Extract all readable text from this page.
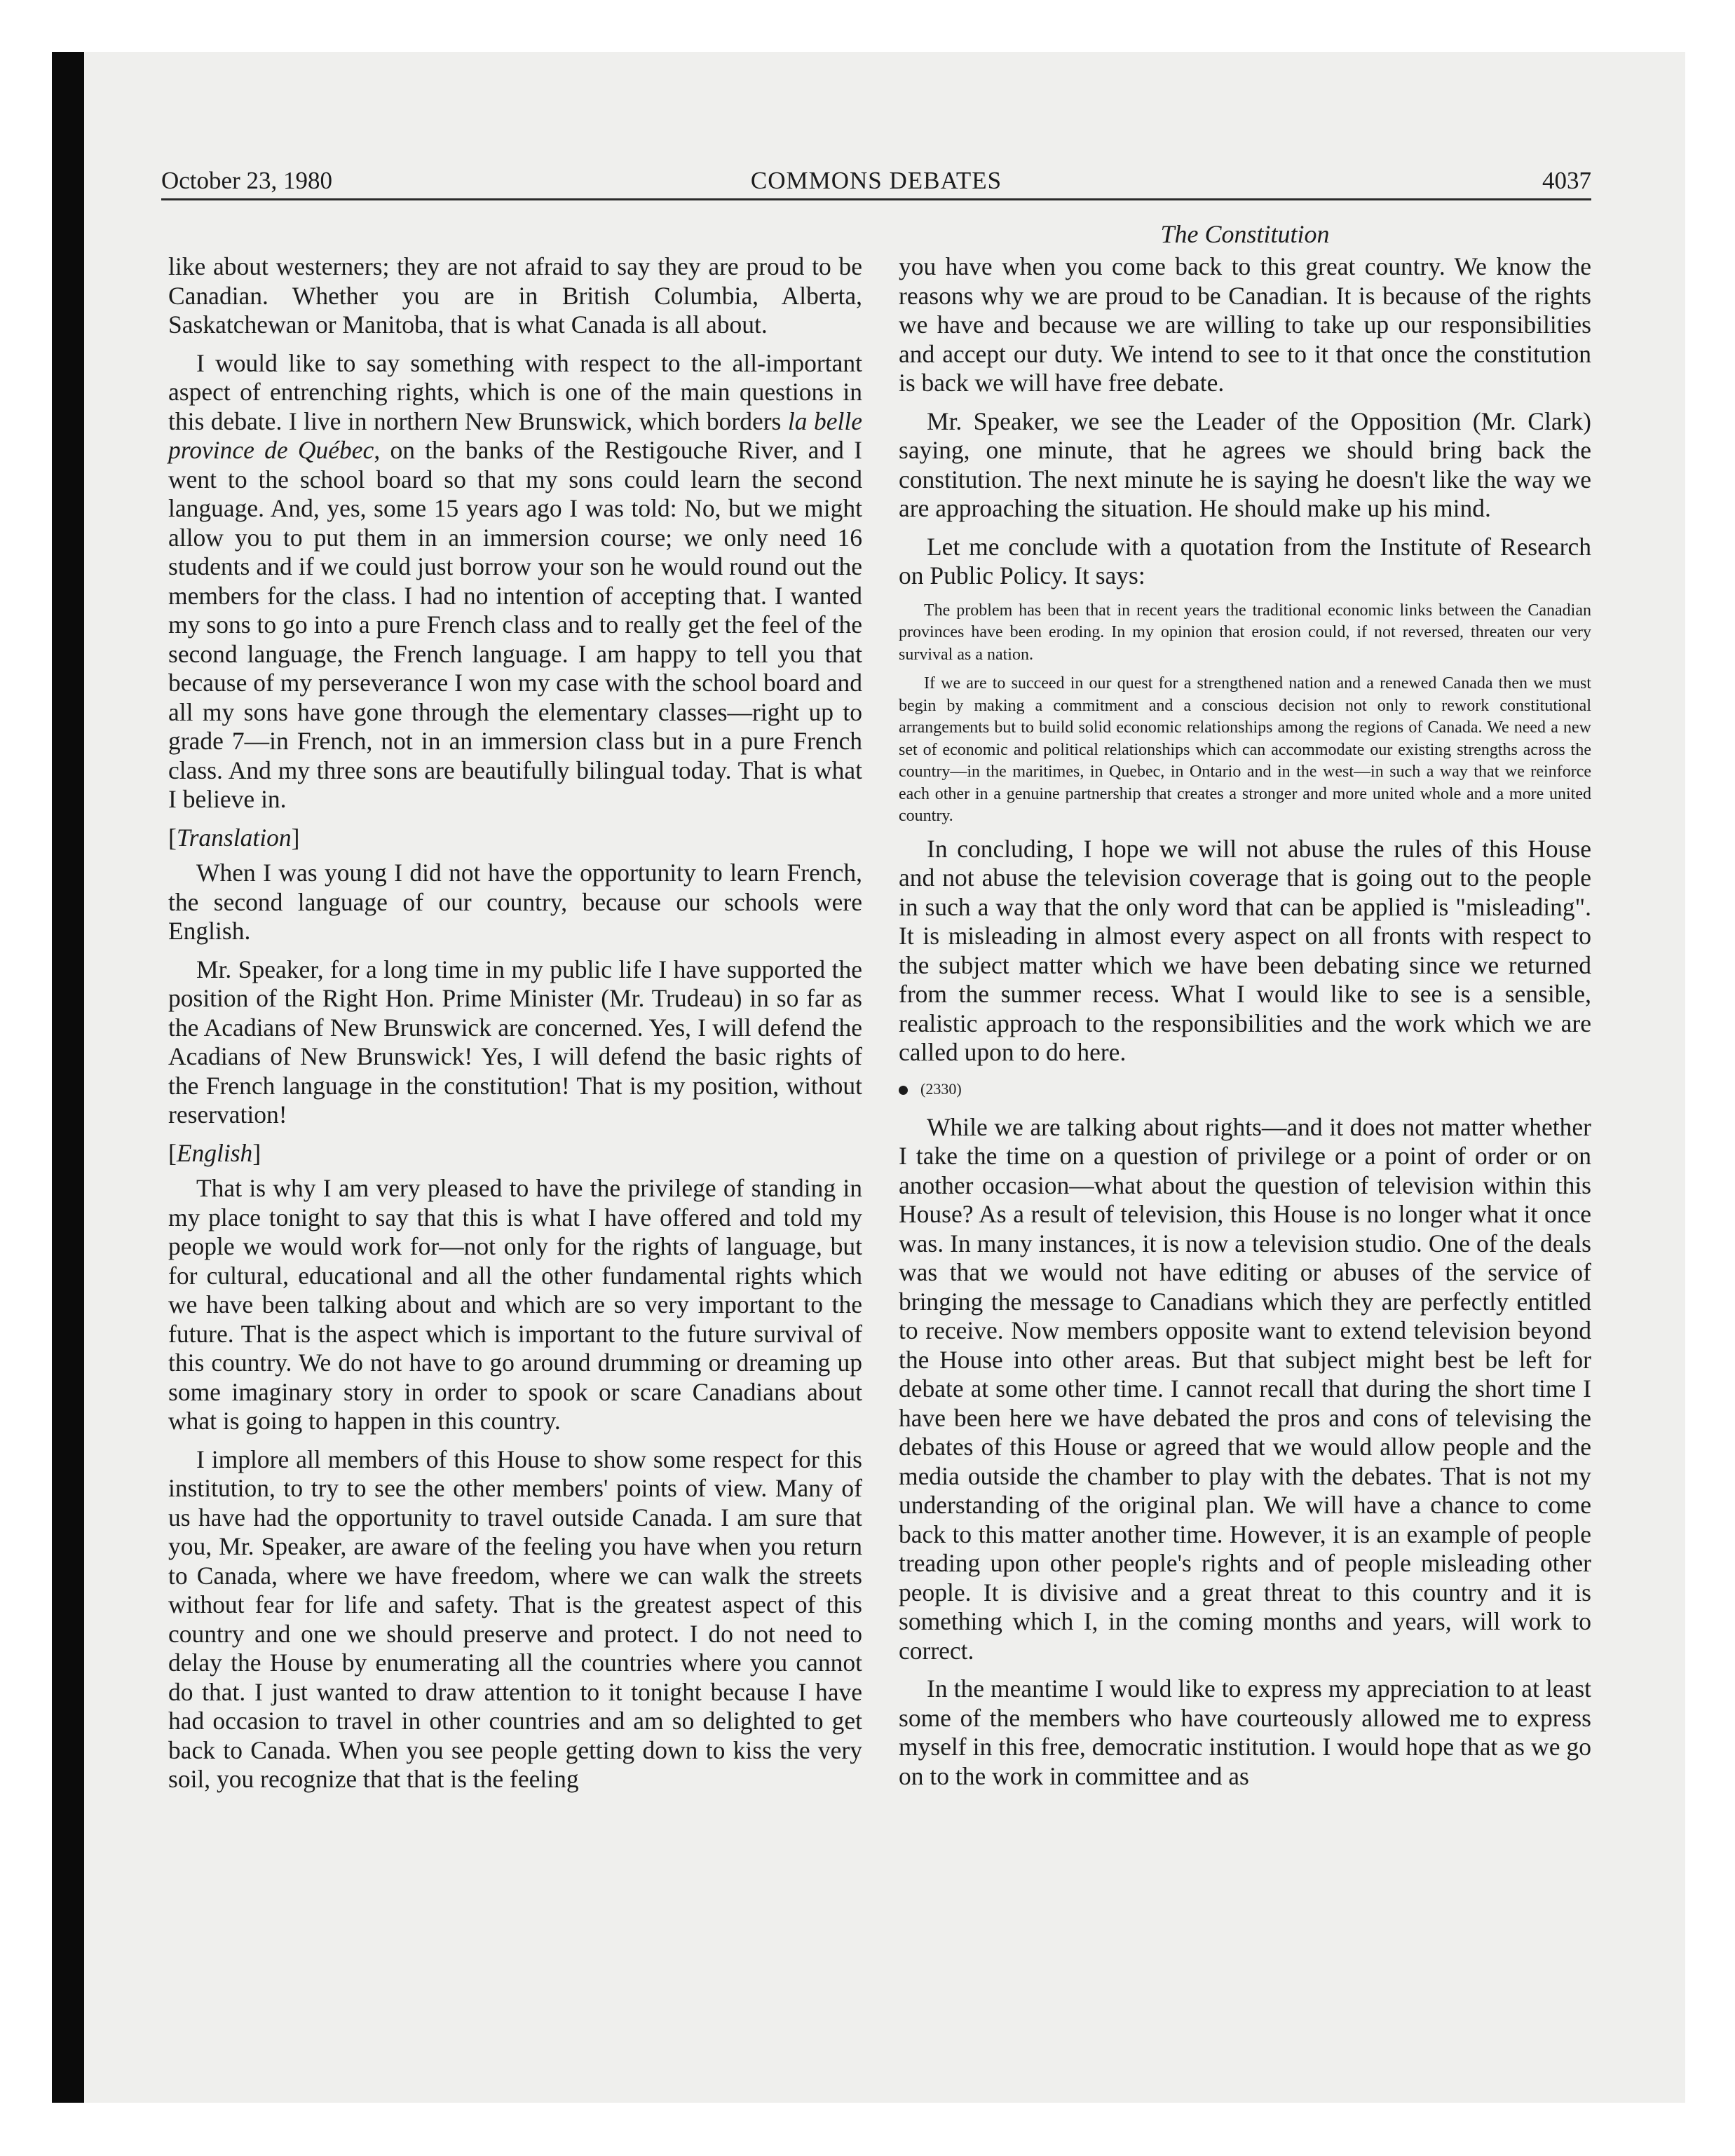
October 23, 1980	COMMONS DEBATES	4037
The Constitution

like about westerners; they are not afraid to say they are proud to be Canadian. Whether you are in British Columbia, Alberta, Saskatchewan or Manitoba, that is what Canada is all about.

I would like to say something with respect to the all-important aspect of entrenching rights, which is one of the main questions in this debate. I live in northern New Brunswick, which borders la belle province de Québec, on the banks of the Restigouche River, and I went to the school board so that my sons could learn the second language. And, yes, some 15 years ago I was told: No, but we might allow you to put them in an immersion course; we only need 16 students and if we could just borrow your son he would round out the members for the class. I had no intention of accepting that. I wanted my sons to go into a pure French class and to really get the feel of the second language, the French language. I am happy to tell you that because of my perseverance I won my case with the school board and all my sons have gone through the elementary classes—right up to grade 7—in French, not in an immersion class but in a pure French class. And my three sons are beautifully bilingual today. That is what I believe in.

[Translation]

When I was young I did not have the opportunity to learn French, the second language of our country, because our schools were English.

Mr. Speaker, for a long time in my public life I have supported the position of the Right Hon. Prime Minister (Mr. Trudeau) in so far as the Acadians of New Brunswick are concerned. Yes, I will defend the Acadians of New Brunswick! Yes, I will defend the basic rights of the French language in the constitution! That is my position, without reservation!

[English]

That is why I am very pleased to have the privilege of standing in my place tonight to say that this is what I have offered and told my people we would work for—not only for the rights of language, but for cultural, educational and all the other fundamental rights which we have been talking about and which are so very important to the future. That is the aspect which is important to the future survival of this country. We do not have to go around drumming or dreaming up some imaginary story in order to spook or scare Canadians about what is going to happen in this country.

I implore all members of this House to show some respect for this institution, to try to see the other members' points of view. Many of us have had the opportunity to travel outside Canada. I am sure that you, Mr. Speaker, are aware of the feeling you have when you return to Canada, where we have freedom, where we can walk the streets without fear for life and safety. That is the greatest aspect of this country and one we should preserve and protect. I do not need to delay the House by enumerating all the countries where you cannot do that. I just wanted to draw attention to it tonight because I have had occasion to travel in other countries and am so delighted to get back to Canada. When you see people getting down to kiss the very soil, you recognize that that is the feeling

you have when you come back to this great country. We know the reasons why we are proud to be Canadian. It is because of the rights we have and because we are willing to take up our responsibilities and accept our duty. We intend to see to it that once the constitution is back we will have free debate.

Mr. Speaker, we see the Leader of the Opposition (Mr. Clark) saying, one minute, that he agrees we should bring back the constitution. The next minute he is saying he doesn't like the way we are approaching the situation. He should make up his mind.

Let me conclude with a quotation from the Institute of Research on Public Policy. It says:

The problem has been that in recent years the traditional economic links between the Canadian provinces have been eroding. In my opinion that erosion could, if not reversed, threaten our very survival as a nation.

If we are to succeed in our quest for a strengthened nation and a renewed Canada then we must begin by making a commitment and a conscious decision not only to rework constitutional arrangements but to build solid economic relationships among the regions of Canada. We need a new set of economic and political relationships which can accommodate our existing strengths across the country—in the maritimes, in Quebec, in Ontario and in the west—in such a way that we reinforce each other in a genuine partnership that creates a stronger and more united whole and a more united country.

In concluding, I hope we will not abuse the rules of this House and not abuse the television coverage that is going out to the people in such a way that the only word that can be applied is "misleading". It is misleading in almost every aspect on all fronts with respect to the subject matter which we have been debating since we returned from the summer recess. What I would like to see is a sensible, realistic approach to the responsibilities and the work which we are called upon to do here.

(2330)

While we are talking about rights—and it does not matter whether I take the time on a question of privilege or a point of order or on another occasion—what about the question of television within this House? As a result of television, this House is no longer what it once was. In many instances, it is now a television studio. One of the deals was that we would not have editing or abuses of the service of bringing the message to Canadians which they are perfectly entitled to receive. Now members opposite want to extend television beyond the House into other areas. But that subject might best be left for debate at some other time. I cannot recall that during the short time I have been here we have debated the pros and cons of televising the debates of this House or agreed that we would allow people and the media outside the chamber to play with the debates. That is not my understanding of the original plan. We will have a chance to come back to this matter another time. However, it is an example of people treading upon other people's rights and of people misleading other people. It is divisive and a great threat to this country and it is something which I, in the coming months and years, will work to correct.

In the meantime I would like to express my appreciation to at least some of the members who have courteously allowed me to express myself in this free, democratic institution. I would hope that as we go on to the work in committee and as
